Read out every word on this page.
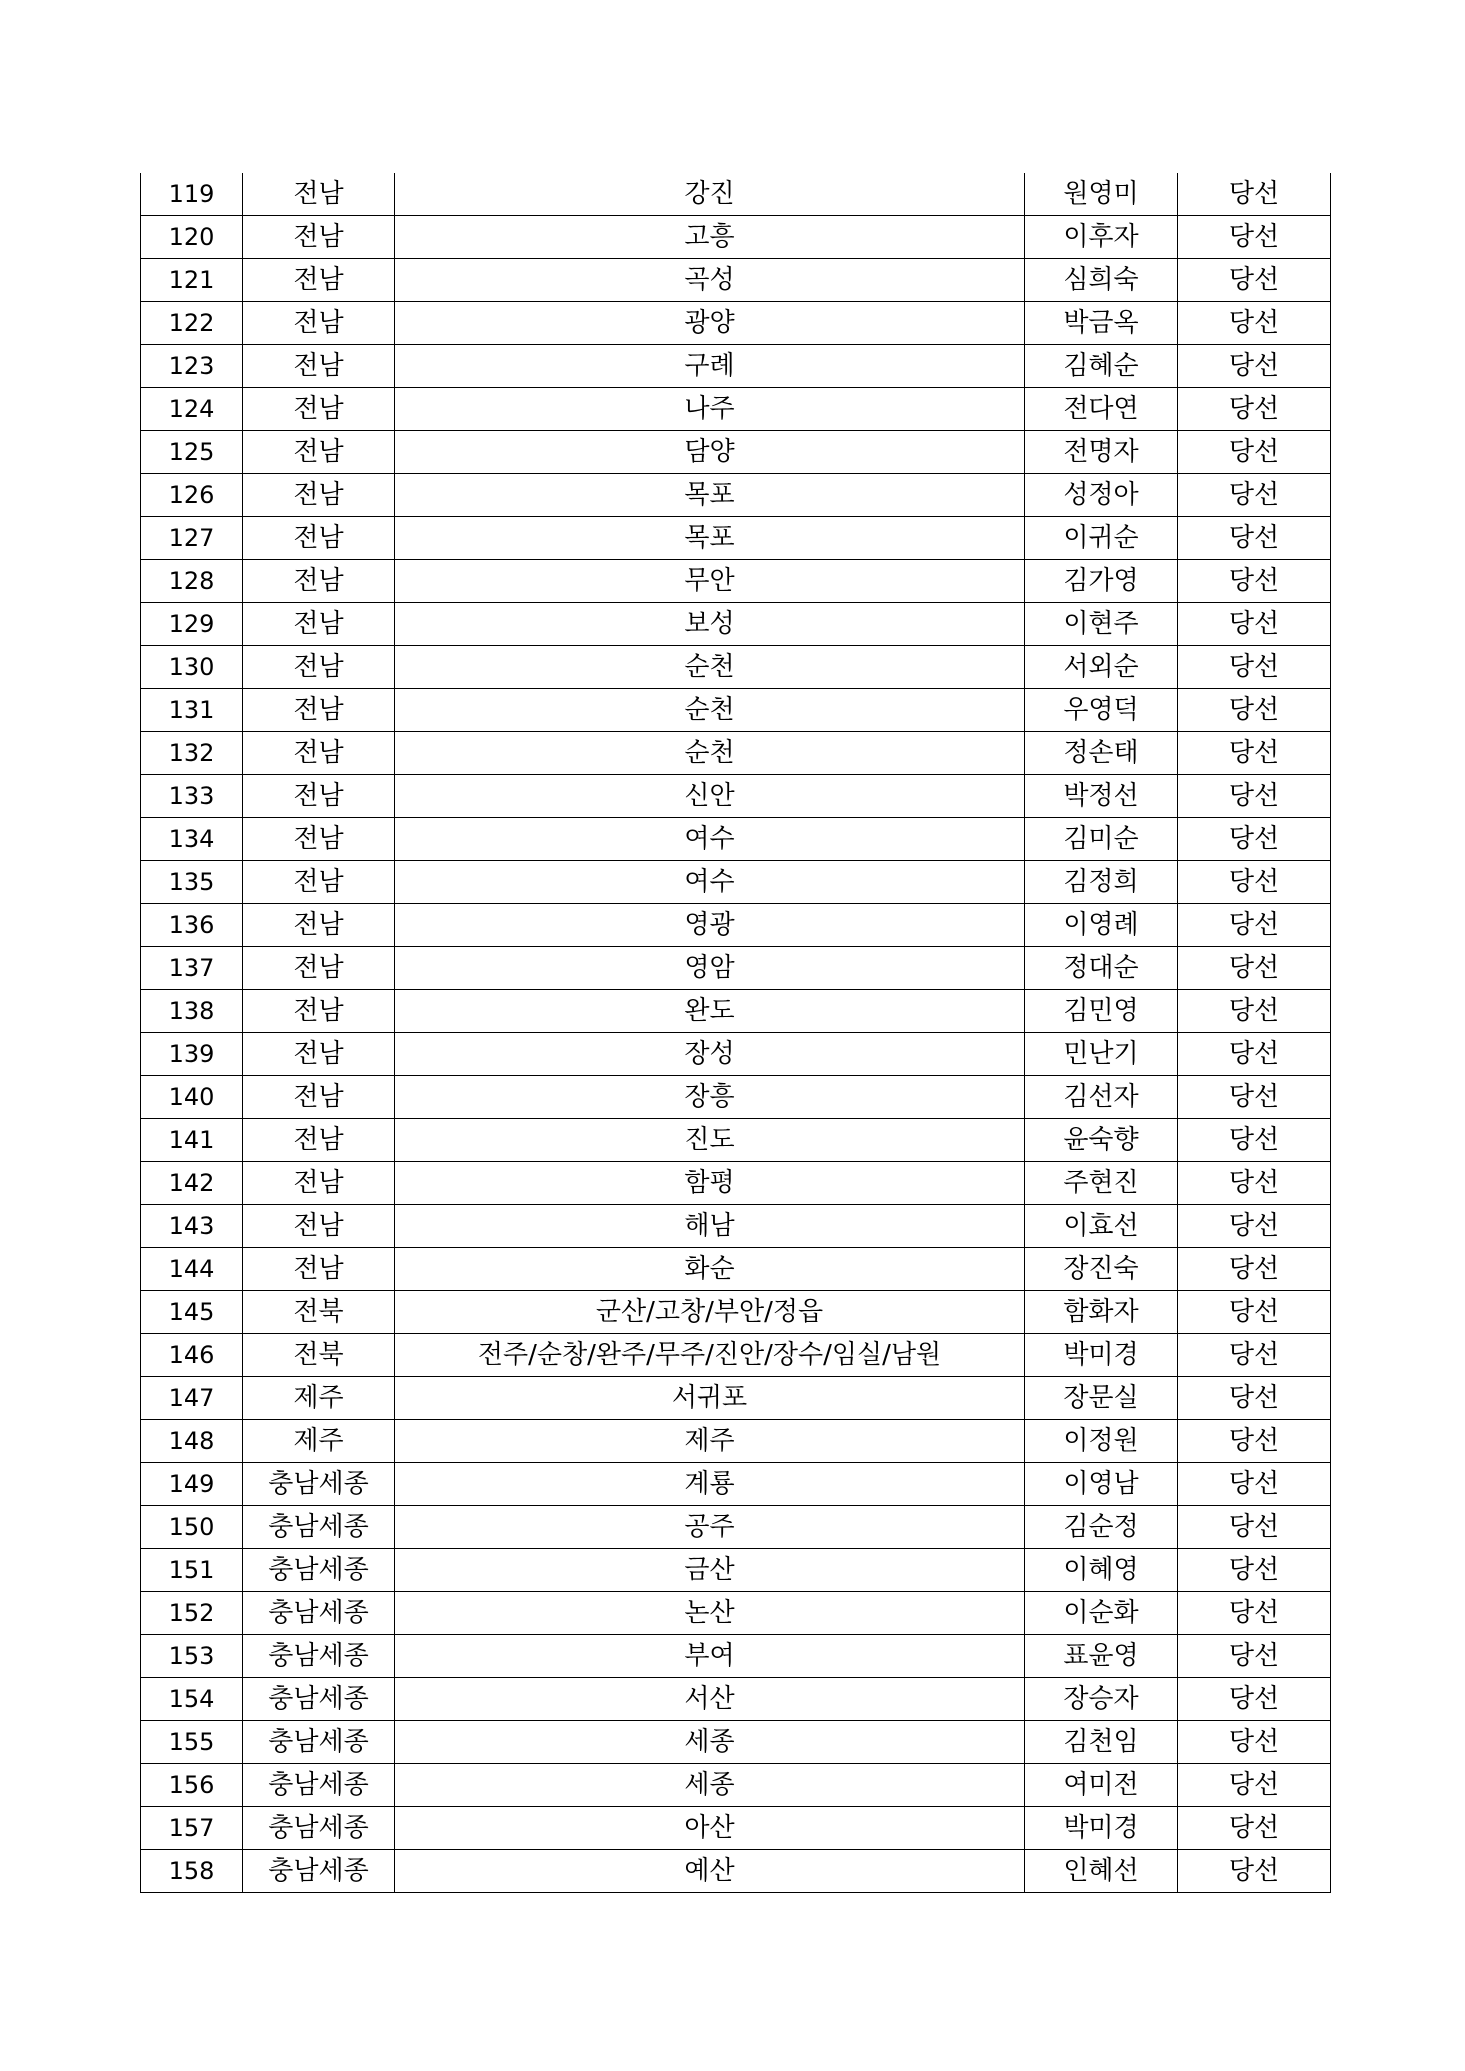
119	전남	강진	원영미	당선
120	전남	고흥	이후자	당선
121	전남	곡성	심희숙	당선
122	전남	광양	박금옥	당선
123	전남	구례	김혜순	당선
124	전남	나주	전다연	당선
125	전남	담양	전명자	당선
126	전남	목포	성정아	당선
127	전남	목포	이귀순	당선
128	전남	무안	김가영	당선
129	전남	보성	이현주	당선
130	전남	순천	서외순	당선
131	전남	순천	우영덕	당선
132	전남	순천	정손태	당선
133	전남	신안	박정선	당선
134	전남	여수	김미순	당선
135	전남	여수	김정희	당선
136	전남	영광	이영례	당선
137	전남	영암	정대순	당선
138	전남	완도	김민영	당선
139	전남	장성	민난기	당선
140	전남	장흥	김선자	당선
141	전남	진도	윤숙향	당선
142	전남	함평	주현진	당선
143	전남	해남	이효선	당선
144	전남	화순	장진숙	당선
145	전북	군산/고창/부안/정읍	함화자	당선
146	전북	전주/순창/완주/무주/진안/장수/임실/남원	박미경	당선
147	제주	서귀포	장문실	당선
148	제주	제주	이정원	당선
149	충남세종	계룡	이영남	당선
150	충남세종	공주	김순정	당선
151	충남세종	금산	이혜영	당선
152	충남세종	논산	이순화	당선
153	충남세종	부여	표윤영	당선
154	충남세종	서산	장승자	당선
155	충남세종	세종	김천임	당선
156	충남세종	세종	여미전	당선
157	충남세종	아산	박미경	당선
158	충남세종	예산	인혜선	당선
